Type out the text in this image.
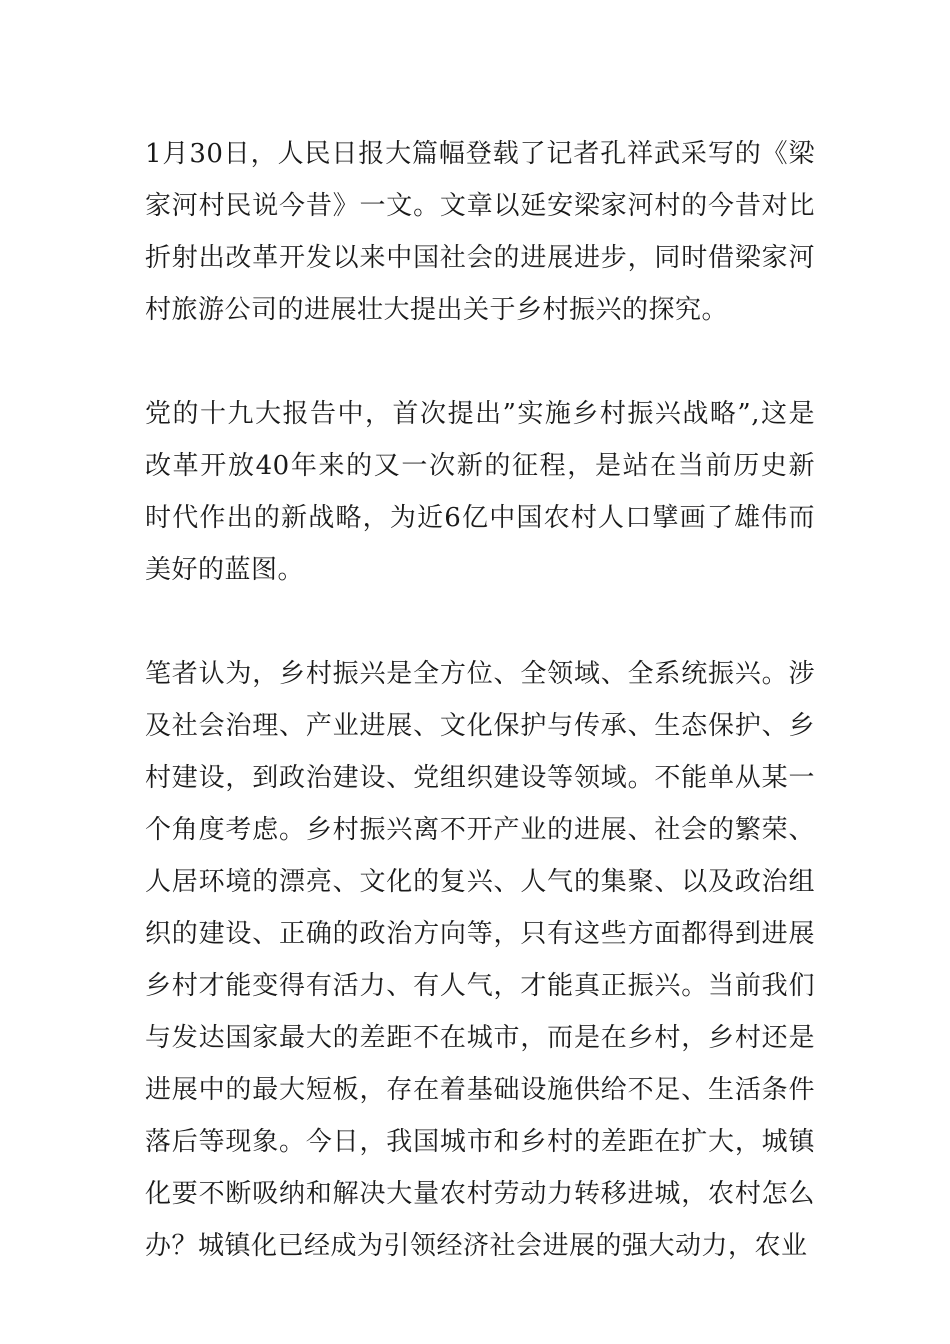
1月30日，人民日报大篇幅登载了记者孔祥武采写的《梁家河村民说今昔》一文。文章以延安梁家河村的今昔对比折射出改革开发以来中国社会的进展进步，同时借梁家河村旅游公司的进展壮大提出关于乡村振兴的探究。

党的十九大报告中，首次提出”实施乡村振兴战略”,这是改革开放40年来的又一次新的征程，是站在当前历史新时代作出的新战略，为近6亿中国农村人口擘画了雄伟而美好的蓝图。

笔者认为，乡村振兴是全方位、全领域、全系统振兴。涉及社会治理、产业进展、文化保护与传承、生态保护、乡村建设，到政治建设、党组织建设等领域。不能单从某一个角度考虑。乡村振兴离不开产业的进展、社会的繁荣、人居环境的漂亮、文化的复兴、人气的集聚、以及政治组织的建设、正确的政治方向等，只有这些方面都得到进展乡村才能变得有活力、有人气，才能真正振兴。当前我们与发达国家最大的差距不在城市，而是在乡村，乡村还是进展中的最大短板，存在着基础设施供给不足、生活条件落后等现象。今日，我国城市和乡村的差距在扩大，城镇化要不断吸纳和解决大量农村劳动力转移进城，农村怎么办？城镇化已经成为引领经济社会进展的强大动力，农业
